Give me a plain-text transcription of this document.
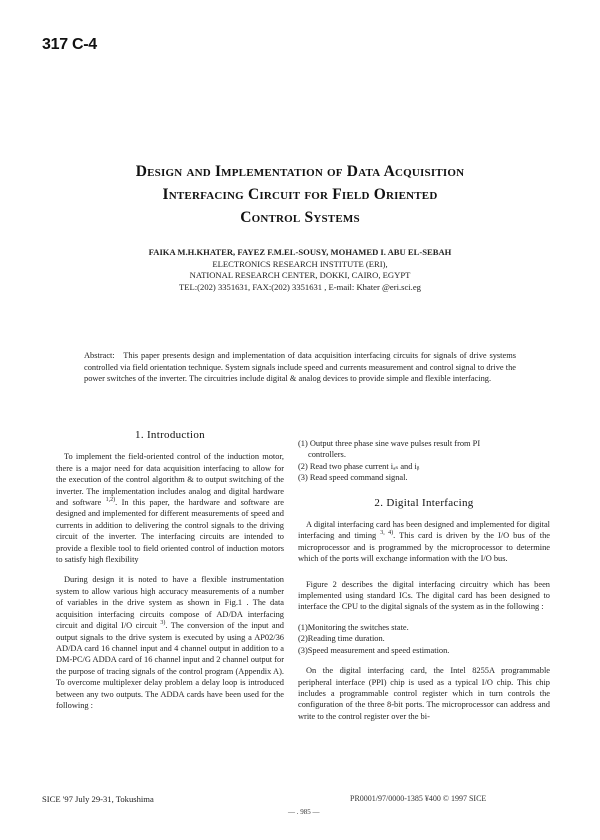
317 C-4
Design and Implementation of Data Acquisition
Interfacing Circuit for Field Oriented
Control Systems
FAIKA M.H.KHATER, FAYEZ F.M.EL-SOUSY, MOHAMED I. ABU EL-SEBAH
ELECTRONICS RESEARCH INSTITUTE (ERI),
NATIONAL RESEARCH CENTER, DOKKI, CAIRO, EGYPT
TEL:(202) 3351631, FAX:(202) 3351631 , E-mail: Khater @eri.sci.eg
Abstract: This paper presents design and implementation of data acquisition interfacing circuits for signals of drive systems controlled via field orientation technique. System signals include speed and currents measurement and control signal to drive the power switches of the inverter. The circuitries include digital & analog devices to provide simple and flexible interfacing.
1. Introduction

To implement the field-oriented control of the induction motor, there is a major need for data acquisition interfacing to allow for the execution of the control algorithm & to output switching of the inverter. The implementation includes analog and digital hardware and software $^{1,2)}$. In this paper, the hardware and software are designed and implemented for different measurements of speed and currents in addition to delivering the control signals to the driving circuit of the inverter. The interfacing circuits are intended to provide a flexible tool to field oriented control of induction motors to satisfy high flexibility

During design it is noted to have a flexible instrumentation system to allow various high accuracy measurements of a number of variables in the drive system as shown in Fig.1 . The data acquisition interfacing circuits compose of AD/DA interfacing circuit and digital I/O circuit $^{3)}$. The conversion of the input and output signals to the drive system is executed by using a AP02/36 AD/DA card 16 channel input and 4 channel output in addition to a DM-PC/G ADDA card of 16 channel input and 2 channel output for the purpose of tracing signals of the control program (Appendix A). To overcome multiplexer delay problem a delay loop is introduced between any two outputs. The ADDA cards have been used for the following :

(1) Output three phase sine wave pulses result from PI
controllers.
(2) Read two phase current iₐₛ and iᵦ
(3) Read speed command signal.
2. Digital Interfacing

A digital interfacing card has been designed and implemented for digital interfacing and timing $^{3, 4)}$. This card is driven by the I/O bus of the microprocessor and is programmed by the microprocessor to determine which of the ports will exchange information with the I/O bus.

Figure 2 describes the digital interfacing circuitry which has been implemented using standard ICs. The digital card has been designed to interface the CPU to the digital signals of the system as in the following :

(1)Monitoring the switches state.
(2)Reading time duration.
(3)Speed measurement and speed estimation.

On the digital interfacing card, the Intel 8255A programmable peripheral interface (PPI) chip is used as a typical I/O chip. This chip includes a programmable control register which in turn controls the configuration of the three 8-bit ports. The microprocessor can address and write to the control register over the bi-

SICE '97 July 29-31, Tokushima	PR0001/97/0000-1385 ¥400 © 1997 SICE
— . 985 —
